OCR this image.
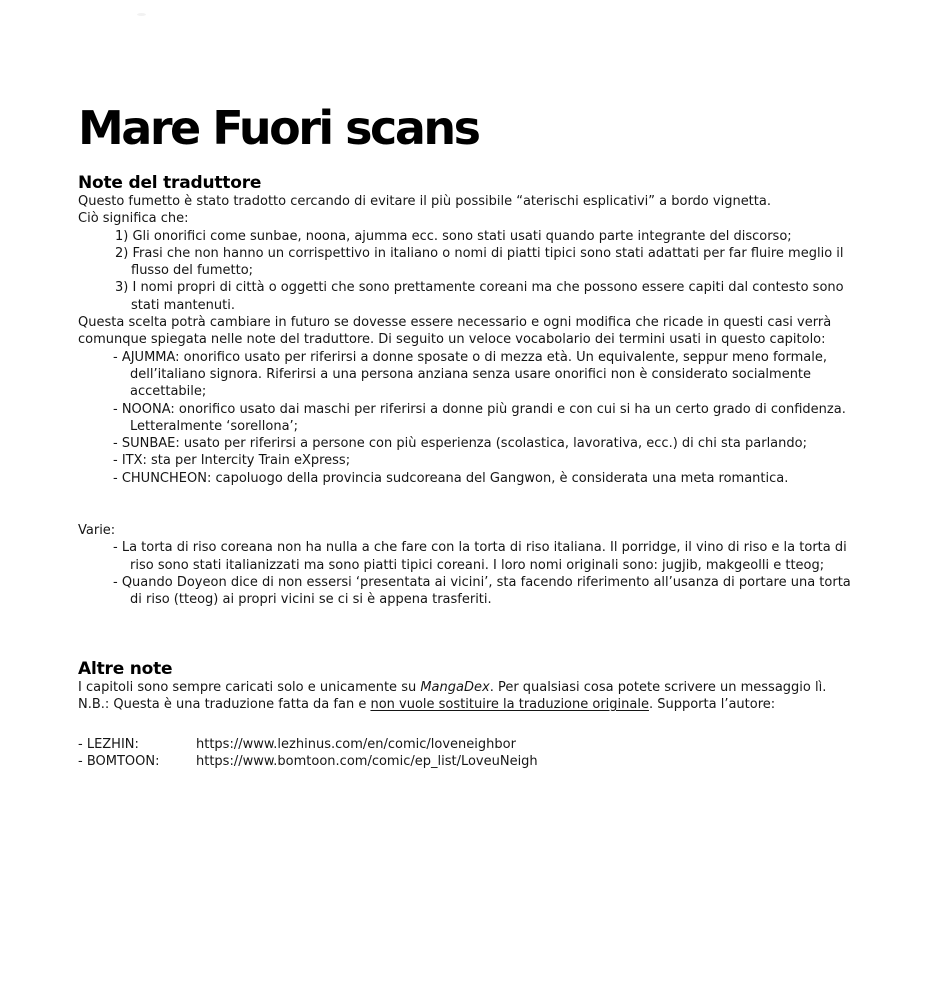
Mare Fuori scans
Note del traduttore

Questo fumetto è stato tradotto cercando di evitare il più possibile “aterischi esplicativi” a bordo vignetta.

Ciò significa che:

1) Gli onorifici come sunbae, noona, ajumma ecc. sono stati usati quando parte integrante del discorso;

2) Frasi che non hanno un corrispettivo in italiano o nomi di piatti tipici sono stati adattati per far fluire meglio il flusso del fumetto;

3) I nomi propri di città o oggetti che sono prettamente coreani ma che possono essere capiti dal contesto sono stati mantenuti.

Questa scelta potrà cambiare in futuro se dovesse essere necessario e ogni modifica che ricade in questi casi verrà comunque spiegata nelle note del traduttore. Di seguito un veloce vocabolario dei termini usati in questo capitolo:

- AJUMMA: onorifico usato per riferirsi a donne sposate o di mezza età. Un equivalente, seppur meno formale, dell’italiano signora. Riferirsi a una persona anziana senza usare onorifici non è considerato socialmente accettabile;

- NOONA: onorifico usato dai maschi per riferirsi a donne più grandi e con cui si ha un certo grado di confidenza. Letteralmente ‘sorellona’;

- SUNBAE: usato per riferirsi a persone con più esperienza (scolastica, lavorativa, ecc.) di chi sta parlando;

- ITX: sta per Intercity Train eXpress;

- CHUNCHEON: capoluogo della provincia sudcoreana del Gangwon, è considerata una meta romantica.

Varie:

- La torta di riso coreana non ha nulla a che fare con la torta di riso italiana. Il porridge, il vino di riso e la torta di riso sono stati italianizzati ma sono piatti tipici coreani. I loro nomi originali sono: jugjib, makgeolli e tteog;

- Quando Doyeon dice di non essersi ‘presentata ai vicini’, sta facendo riferimento all’usanza di portare una torta di riso (tteog) ai propri vicini se ci si è appena trasferiti.

Altre note

I capitoli sono sempre caricati solo e unicamente su MangaDex. Per qualsiasi cosa potete scrivere un messaggio lì.

N.B.: Questa è una traduzione fatta da fan e non vuole sostituire la traduzione originale. Supporta l’autore:

- LEZHIN:	https://www.lezhinus.com/en/comic/loveneighbor
- BOMTOON:	https://www.bomtoon.com/comic/ep_list/LoveuNeigh
